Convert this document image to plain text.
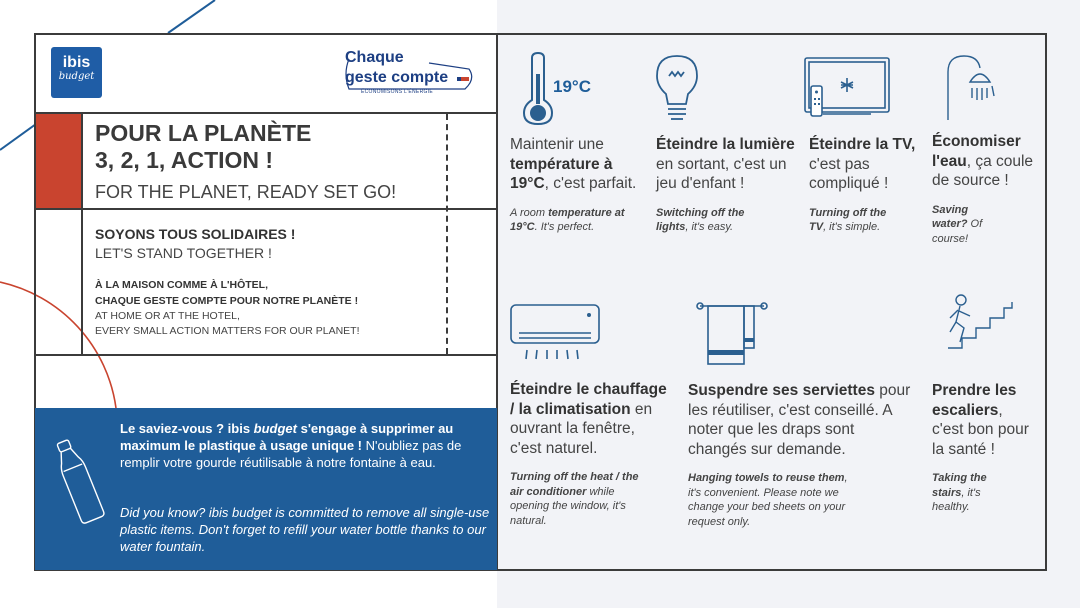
ibis
budget
Chaque
geste compte
ÉCONOMISONS L'ÉNERGIE
POUR LA PLANÈTE
3, 2, 1, ACTION !
FOR THE PLANET, READY SET GO!
SOYONS TOUS SOLIDAIRES !
LET'S STAND TOGETHER !
À LA MAISON COMME À L'HÔTEL,
CHAQUE GESTE COMPTE POUR NOTRE PLANÈTE !
AT HOME OR AT THE HOTEL,
EVERY SMALL ACTION MATTERS FOR OUR PLANET!
Le saviez-vous ? ibis budget s'engage à supprimer au maximum le plastique à usage unique ! N'oubliez pas de remplir votre gourde réutilisable à notre fontaine à eau.
Did you know? ibis budget is committed to remove all single-use plastic items. Don't forget to refill your water bottle thanks to our water fountain.
19°C
Maintenir une température à 19°C, c'est parfait.
A room temperature at 19°C. It's perfect.
Éteindre la lumière en sortant, c'est un jeu d'enfant !
Switching off the lights, it's easy.
Éteindre la TV, c'est pas compliqué !
Turning off the TV, it's simple.
Économiser l'eau, ça coule de source !
Saving water? Of course!
Éteindre le chauffage / la climatisation en ouvrant la fenêtre, c'est naturel.
Turning off the heat / the air conditioner while opening the window, it's natural.
Suspendre ses serviettes pour les réutiliser, c'est conseillé. A noter que les draps sont changés sur demande.
Hanging towels to reuse them, it's convenient. Please note we change your bed sheets on your request only.
Prendre les escaliers, c'est bon pour la santé !
Taking the stairs, it's healthy.
